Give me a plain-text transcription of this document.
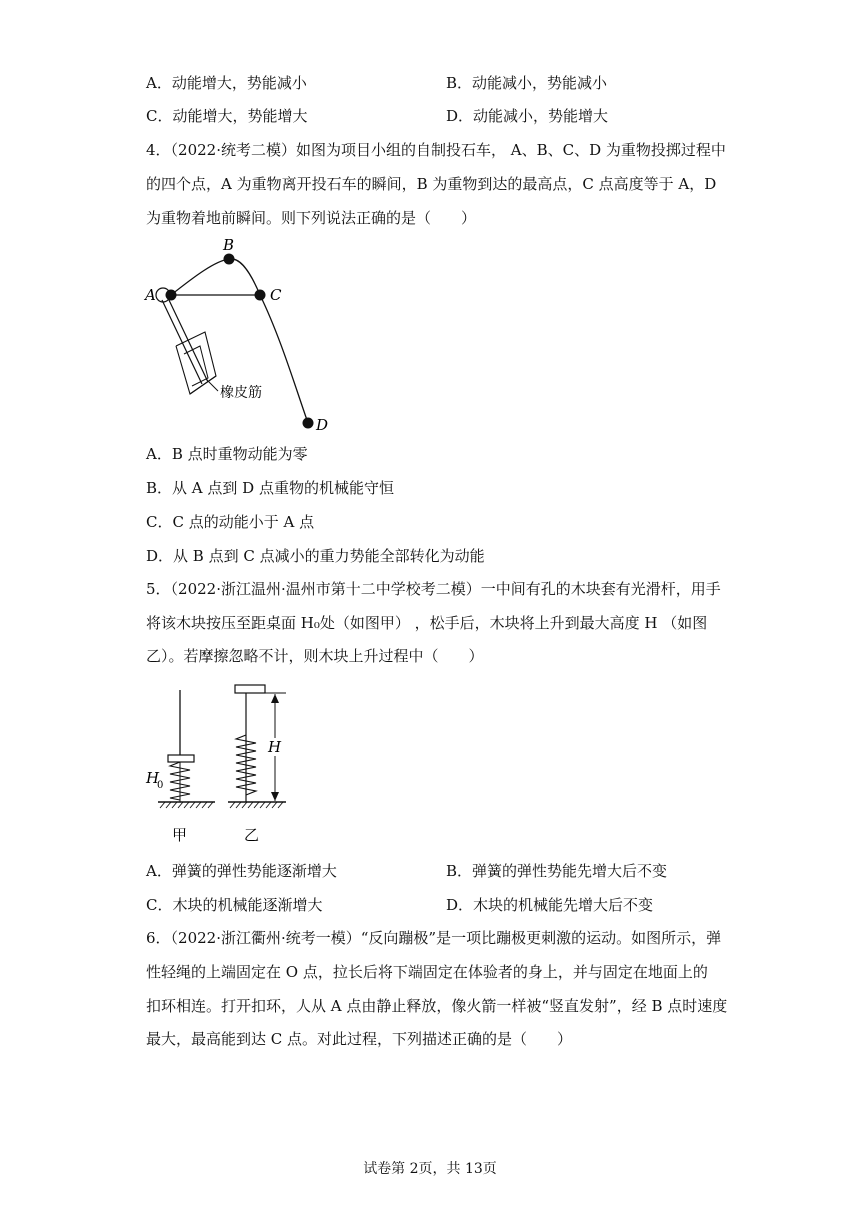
A．动能增大，势能减小	B．动能减小，势能减小
C．动能增大，势能增大	D．动能减小，势能增大
4．（2022·统考二模）如图为项目小组的自制投石车， A、B、C、D 为重物投掷过程中
的四个点，A 为重物离开投石车的瞬间，B 为重物到达的最高点，C 点高度等于 A，D
为重物着地前瞬间。则下列说法正确的是（　　）
A
B
C
D
橡皮筋
A．B 点时重物动能为零
B．从 A 点到 D 点重物的机械能守恒
C．C 点的动能小于 A 点
D．从 B 点到 C 点减小的重力势能全部转化为动能
5．（2022·浙江温州·温州市第十二中学校考二模）一中间有孔的木块套有光滑杆，用手
将该木块按压至距桌面 H₀处（如图甲） ，松手后，木块将上升到最大高度 H （如图
乙）。若摩擦忽略不计，则木块上升过程中（　　）
H
0
H
甲	乙
A．弹簧的弹性势能逐渐增大	B．弹簧的弹性势能先增大后不变
C．木块的机械能逐渐增大	D．木块的机械能先增大后不变
6．（2022·浙江衢州·统考一模）“反向蹦极”是一项比蹦极更刺激的运动。如图所示，弹
性轻绳的上端固定在 O 点，拉长后将下端固定在体验者的身上，并与固定在地面上的
扣环相连。打开扣环，人从 A 点由静止释放，像火箭一样被“竖直发射”，经 B 点时速度
最大，最高能到达 C 点。对此过程，下列描述正确的是（　　）
试卷第 2页，共 13页
